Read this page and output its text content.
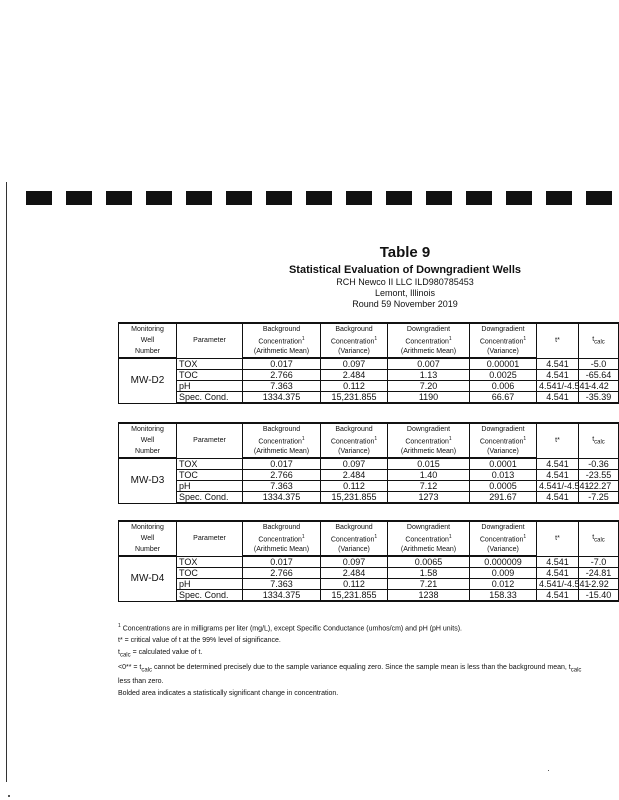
Table 9

Statistical Evaluation of Downgradient Wells

RCH Newco II LLC ILD980785453

Lemont, Illinois

Round 59 November 2019

Monitoring	Parameter	Background	Background	Downgradient	Downgradient	t*	tcalc
Well		Concentration$^1$	Concentration$^1$	Concentration$^1$	Concentration$^1$
Number		(Arithmetic Mean)	(Variance)	(Arithmetic Mean)	(Variance)		
MW-D2	TOX	0.017	0.097	0.007	0.00001	4.541	-5.0
	TOC	2.766	2.484	1.13	0.0025	4.541	-65.64
	pH	7.363	0.112	7.20	0.006	4.541/-4.541	-4.42
	Spec. Cond.	1334.375	15,231.855	1190	66.67	4.541	-35.39
Monitoring	Parameter	Background	Background	Downgradient	Downgradient	t*	tcalc
Well		Concentration$^1$	Concentration$^1$	Concentration$^1$	Concentration$^1$
Number		(Arithmetic Mean)	(Variance)	(Arithmetic Mean)	(Variance)		
MW-D3	TOX	0.017	0.097	0.015	0.0001	4.541	-0.36
	TOC	2.766	2.484	1.40	0.013	4.541	-23.55
	pH	7.363	0.112	7.12	0.0005	4.541/-4.541	-22.27
	Spec. Cond.	1334.375	15,231.855	1273	291.67	4.541	-7.25
Monitoring	Parameter	Background	Background	Downgradient	Downgradient	t*	tcalc
Well		Concentration$^1$	Concentration$^1$	Concentration$^1$	Concentration$^1$
Number		(Arithmetic Mean)	(Variance)	(Arithmetic Mean)	(Variance)		
MW-D4	TOX	0.017	0.097	0.0065	0.000009	4.541	-7.0
	TOC	2.766	2.484	1.58	0.009	4.541	-24.81
	pH	7.363	0.112	7.21	0.012	4.541/-4.541	-2.92
	Spec. Cond.	1334.375	15,231.855	1238	158.33	4.541	-15.40

$^1$ Concentrations are in milligrams per liter (mg/L), except Specific Conductance (umhos/cm) and pH (pH units).

t* = critical value of t at the 99% level of significance.

tcalc = calculated value of t.

<0** = tcalc cannot be determined precisely due to the sample variance equaling zero. Since the sample mean is less than the background mean, tcalc

less than zero.

Bolded area indicates a statistically significant change in concentration.
